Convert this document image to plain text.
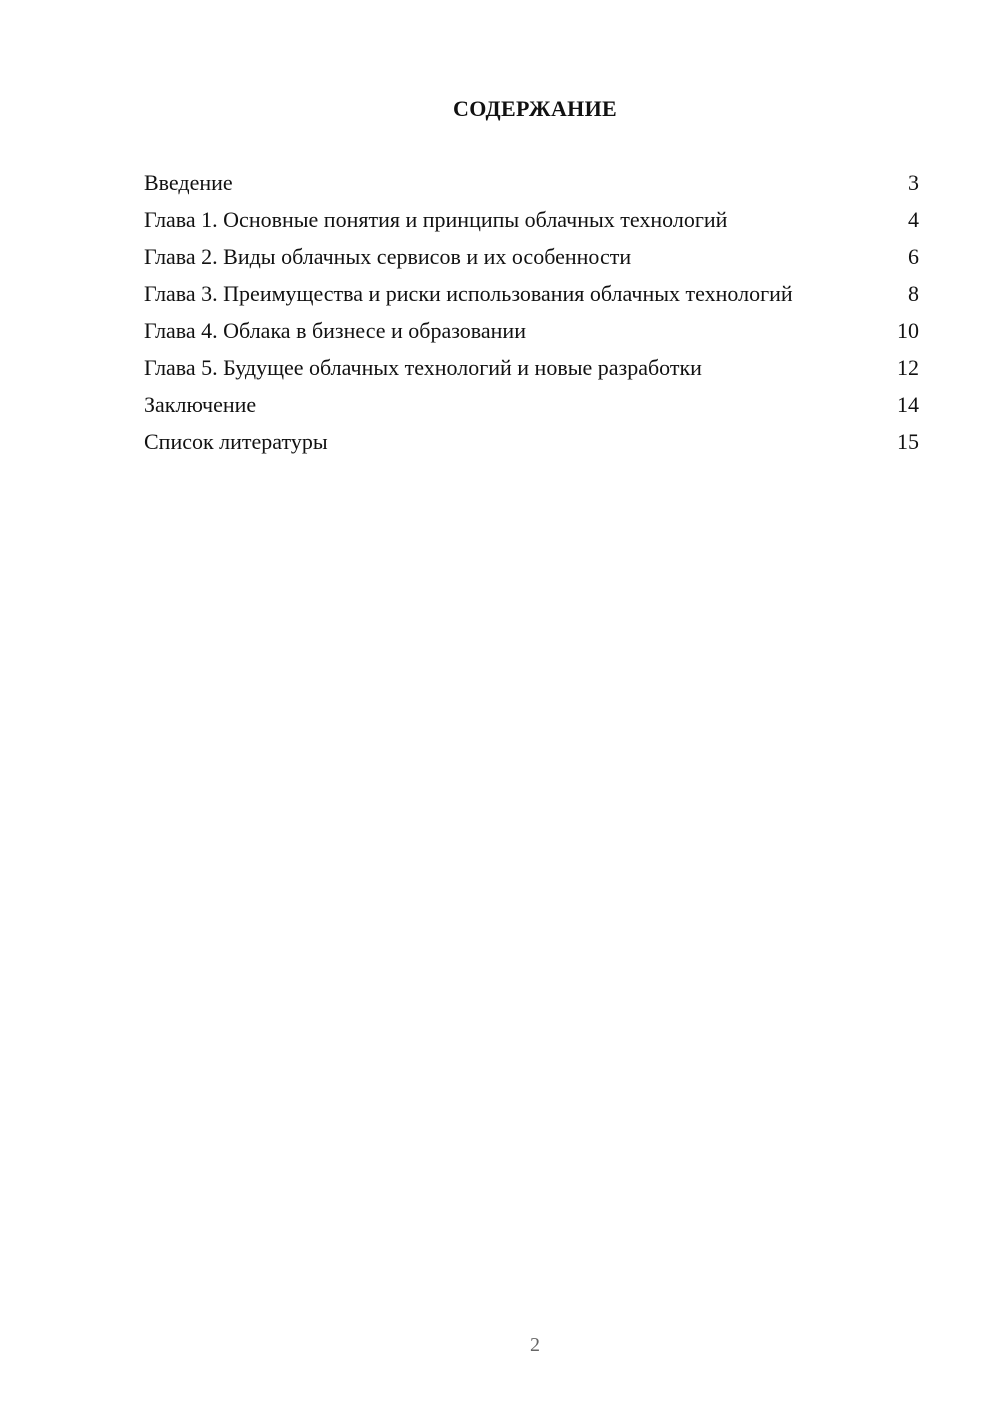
СОДЕРЖАНИЕ
Введение	3
Глава 1. Основные понятия и принципы облачных технологий	4
Глава 2. Виды облачных сервисов и их особенности	6
Глава 3. Преимущества и риски использования облачных технологий	8
Глава 4. Облака в бизнесе и образовании	10
Глава 5. Будущее облачных технологий и новые разработки	12
Заключение	14
Список литературы	15
2
